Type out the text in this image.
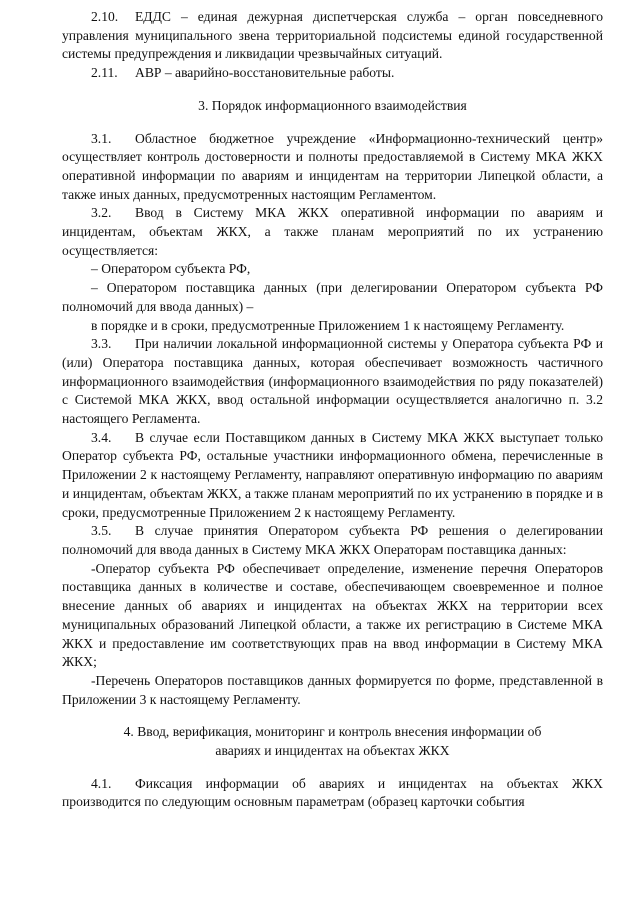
2.10. ЕДДС – единая дежурная диспетчерская служба – орган повседневного управления муниципального звена территориальной подсистемы единой государственной системы предупреждения и ликвидации чрезвычайных ситуаций.

2.11. АВР – аварийно-восстановительные работы.

3. Порядок информационного взаимодействия

3.1. Областное бюджетное учреждение «Информационно-технический центр» осуществляет контроль достоверности и полноты предоставляемой в Систему МКА ЖКХ оперативной информации по авариям и инцидентам на территории Липецкой области, а также иных данных, предусмотренных настоящим Регламентом.

3.2. Ввод в Систему МКА ЖКХ оперативной информации по авариям и инцидентам, объектам ЖКХ, а также планам мероприятий по их устранению осуществляется:

– Оператором субъекта РФ,

– Оператором поставщика данных (при делегировании Оператором субъекта РФ полномочий для ввода данных) –

в порядке и в сроки, предусмотренные Приложением 1 к настоящему Регламенту.

3.3. При наличии локальной информационной системы у Оператора субъекта РФ и (или) Оператора поставщика данных, которая обеспечивает возможность частичного информационного взаимодействия (информационного взаимодействия по ряду показателей) с Системой МКА ЖКХ, ввод остальной информации осуществляется аналогично п. 3.2 настоящего Регламента.

3.4. В случае если Поставщиком данных в Систему МКА ЖКХ выступает только Оператор субъекта РФ, остальные участники информационного обмена, перечисленные в Приложении 2 к настоящему Регламенту, направляют оперативную информацию по авариям и инцидентам, объектам ЖКХ, а также планам мероприятий по их устранению в порядке и в сроки, предусмотренные Приложением 2 к настоящему Регламенту.

3.5. В случае принятия Оператором субъекта РФ решения о делегировании полномочий для ввода данных в Систему МКА ЖКХ Операторам поставщика данных:

-Оператор субъекта РФ обеспечивает определение, изменение перечня Операторов поставщика данных в количестве и составе, обеспечивающем своевременное и полное внесение данных об авариях и инцидентах на объектах ЖКХ на территории всех муниципальных образований Липецкой области, а также их регистрацию в Системе МКА ЖКХ и предоставление им соответствующих прав на ввод информации в Систему МКА ЖКХ;

-Перечень Операторов поставщиков данных формируется по форме, представленной в Приложении 3 к настоящему Регламенту.

4. Ввод, верификация, мониторинг и контроль внесения информации об
авариях и инцидентах на объектах ЖКХ

4.1. Фиксация информации об авариях и инцидентах на объектах ЖКХ производится по следующим основным параметрам (образец карточки события
